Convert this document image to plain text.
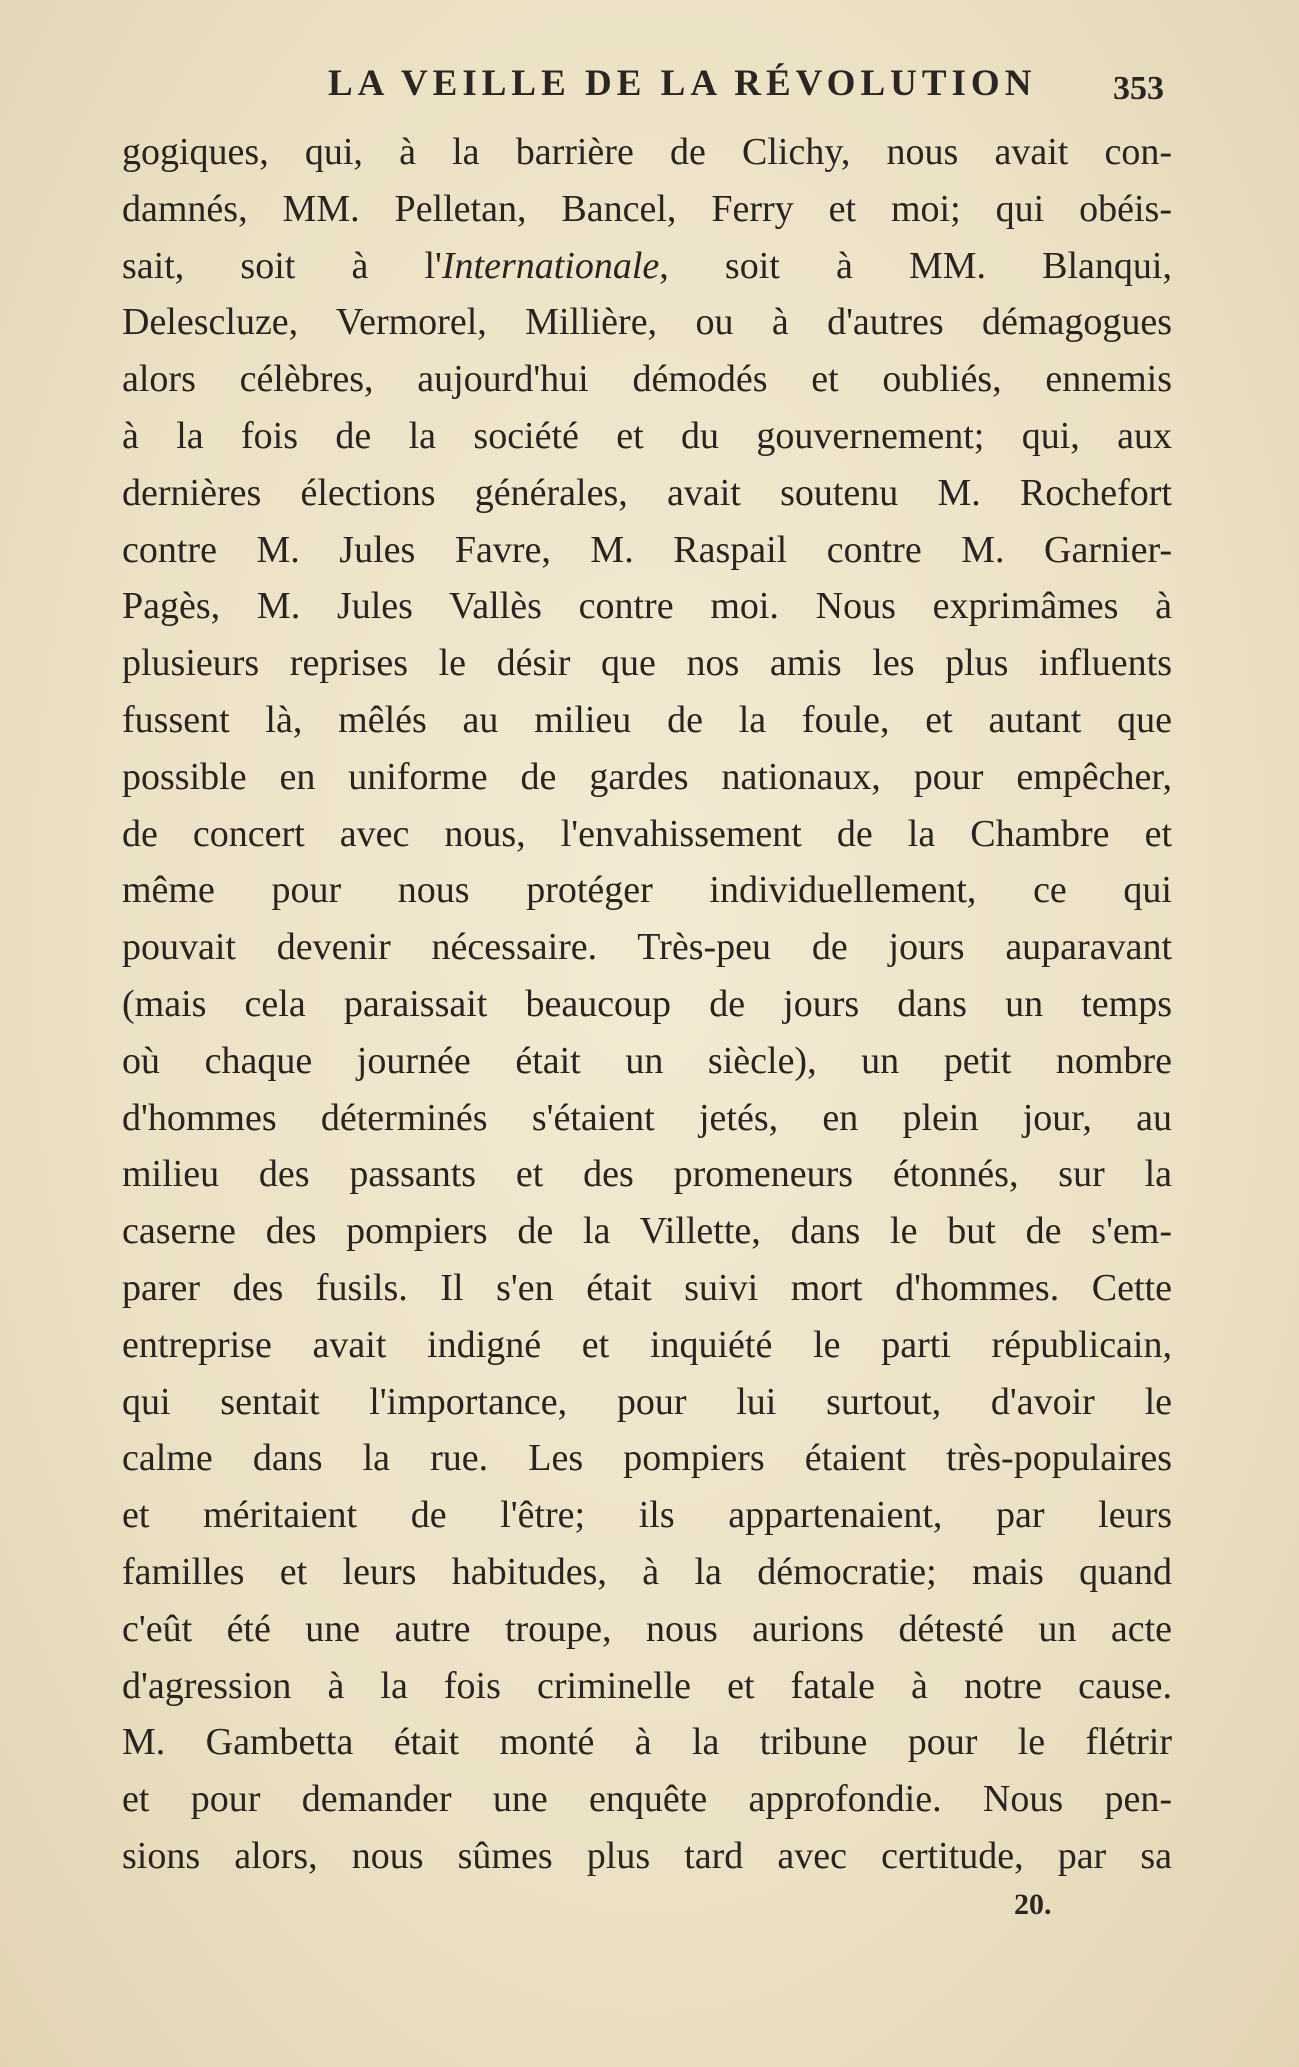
LA VEILLE DE LA RÉVOLUTION 353

gogiques, qui, à la barrière de Clichy, nous avait con-
damnés, MM. Pelletan, Bancel, Ferry et moi; qui obéis-
sait, soit à l'Internationale, soit à MM. Blanqui,
Delescluze, Vermorel, Millière, ou à d'autres démagogues
alors célèbres, aujourd'hui démodés et oubliés, ennemis
à la fois de la société et du gouvernement; qui, aux
dernières élections générales, avait soutenu M. Rochefort
contre M. Jules Favre, M. Raspail contre M. Garnier-
Pagès, M. Jules Vallès contre moi. Nous exprimâmes à
plusieurs reprises le désir que nos amis les plus influents
fussent là, mêlés au milieu de la foule, et autant que
possible en uniforme de gardes nationaux, pour empêcher,
de concert avec nous, l'envahissement de la Chambre et
même pour nous protéger individuellement, ce qui
pouvait devenir nécessaire. Très-peu de jours auparavant
(mais cela paraissait beaucoup de jours dans un temps
où chaque journée était un siècle), un petit nombre
d'hommes déterminés s'étaient jetés, en plein jour, au
milieu des passants et des promeneurs étonnés, sur la
caserne des pompiers de la Villette, dans le but de s'em-
parer des fusils. Il s'en était suivi mort d'hommes. Cette
entreprise avait indigné et inquiété le parti républicain,
qui sentait l'importance, pour lui surtout, d'avoir le
calme dans la rue. Les pompiers étaient très-populaires
et méritaient de l'être; ils appartenaient, par leurs
familles et leurs habitudes, à la démocratie; mais quand
c'eût été une autre troupe, nous aurions détesté un acte
d'agression à la fois criminelle et fatale à notre cause.
M. Gambetta était monté à la tribune pour le flétrir
et pour demander une enquête approfondie. Nous pen-
sions alors, nous sûmes plus tard avec certitude, par sa

20.
